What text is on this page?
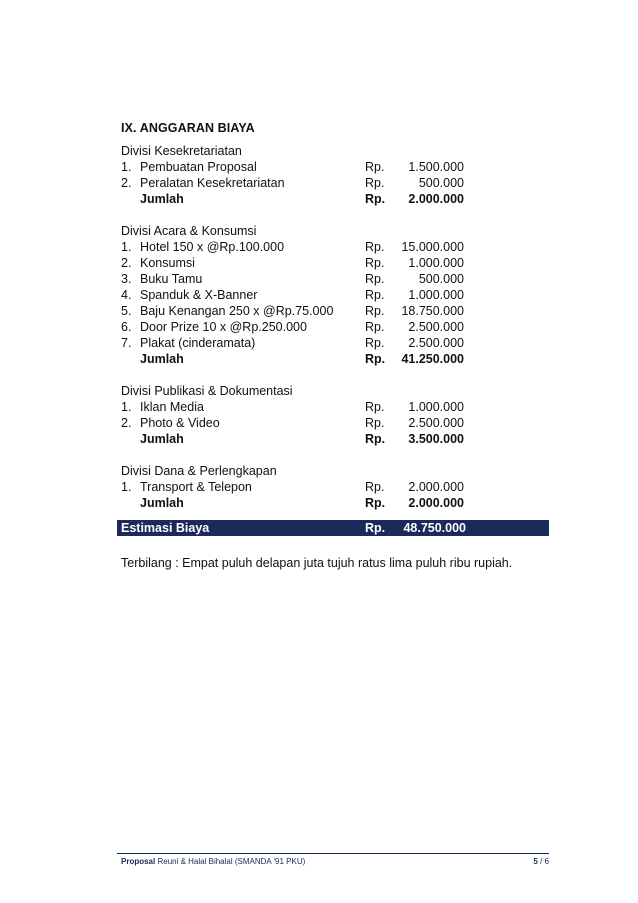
IX. ANGGARAN BIAYA
Divisi Kesekretariatan
1. Pembuatan Proposal	Rp. 1.500.000
2. Peralatan Kesekretariatan	Rp.	500.000
Jumlah	Rp. 2.000.000
Divisi Acara & Konsumsi
1. Hotel 150 x @Rp.100.000	Rp. 15.000.000
2. Konsumsi	Rp. 1.000.000
3. Buku Tamu	Rp.	500.000
4. Spanduk & X-Banner	Rp. 1.000.000
5. Baju Kenangan 250 x @Rp.75.000	Rp. 18.750.000
6. Door Prize 10 x @Rp.250.000	Rp. 2.500.000
7. Plakat (cinderamata)	Rp. 2.500.000
Jumlah	Rp. 41.250.000
Divisi Publikasi & Dokumentasi
1. Iklan Media	Rp. 1.000.000
2. Photo & Video	Rp. 2.500.000
Jumlah	Rp. 3.500.000
Divisi Dana & Perlengkapan
1. Transport & Telepon	Rp. 2.000.000
Jumlah	Rp. 2.000.000
Estimasi Biaya	Rp. 48.750.000
Terbilang : Empat puluh delapan juta tujuh ratus lima puluh ribu rupiah.
Proposal Reuni & Halal Bihalal (SMANDA '91 PKU)	5 / 6
